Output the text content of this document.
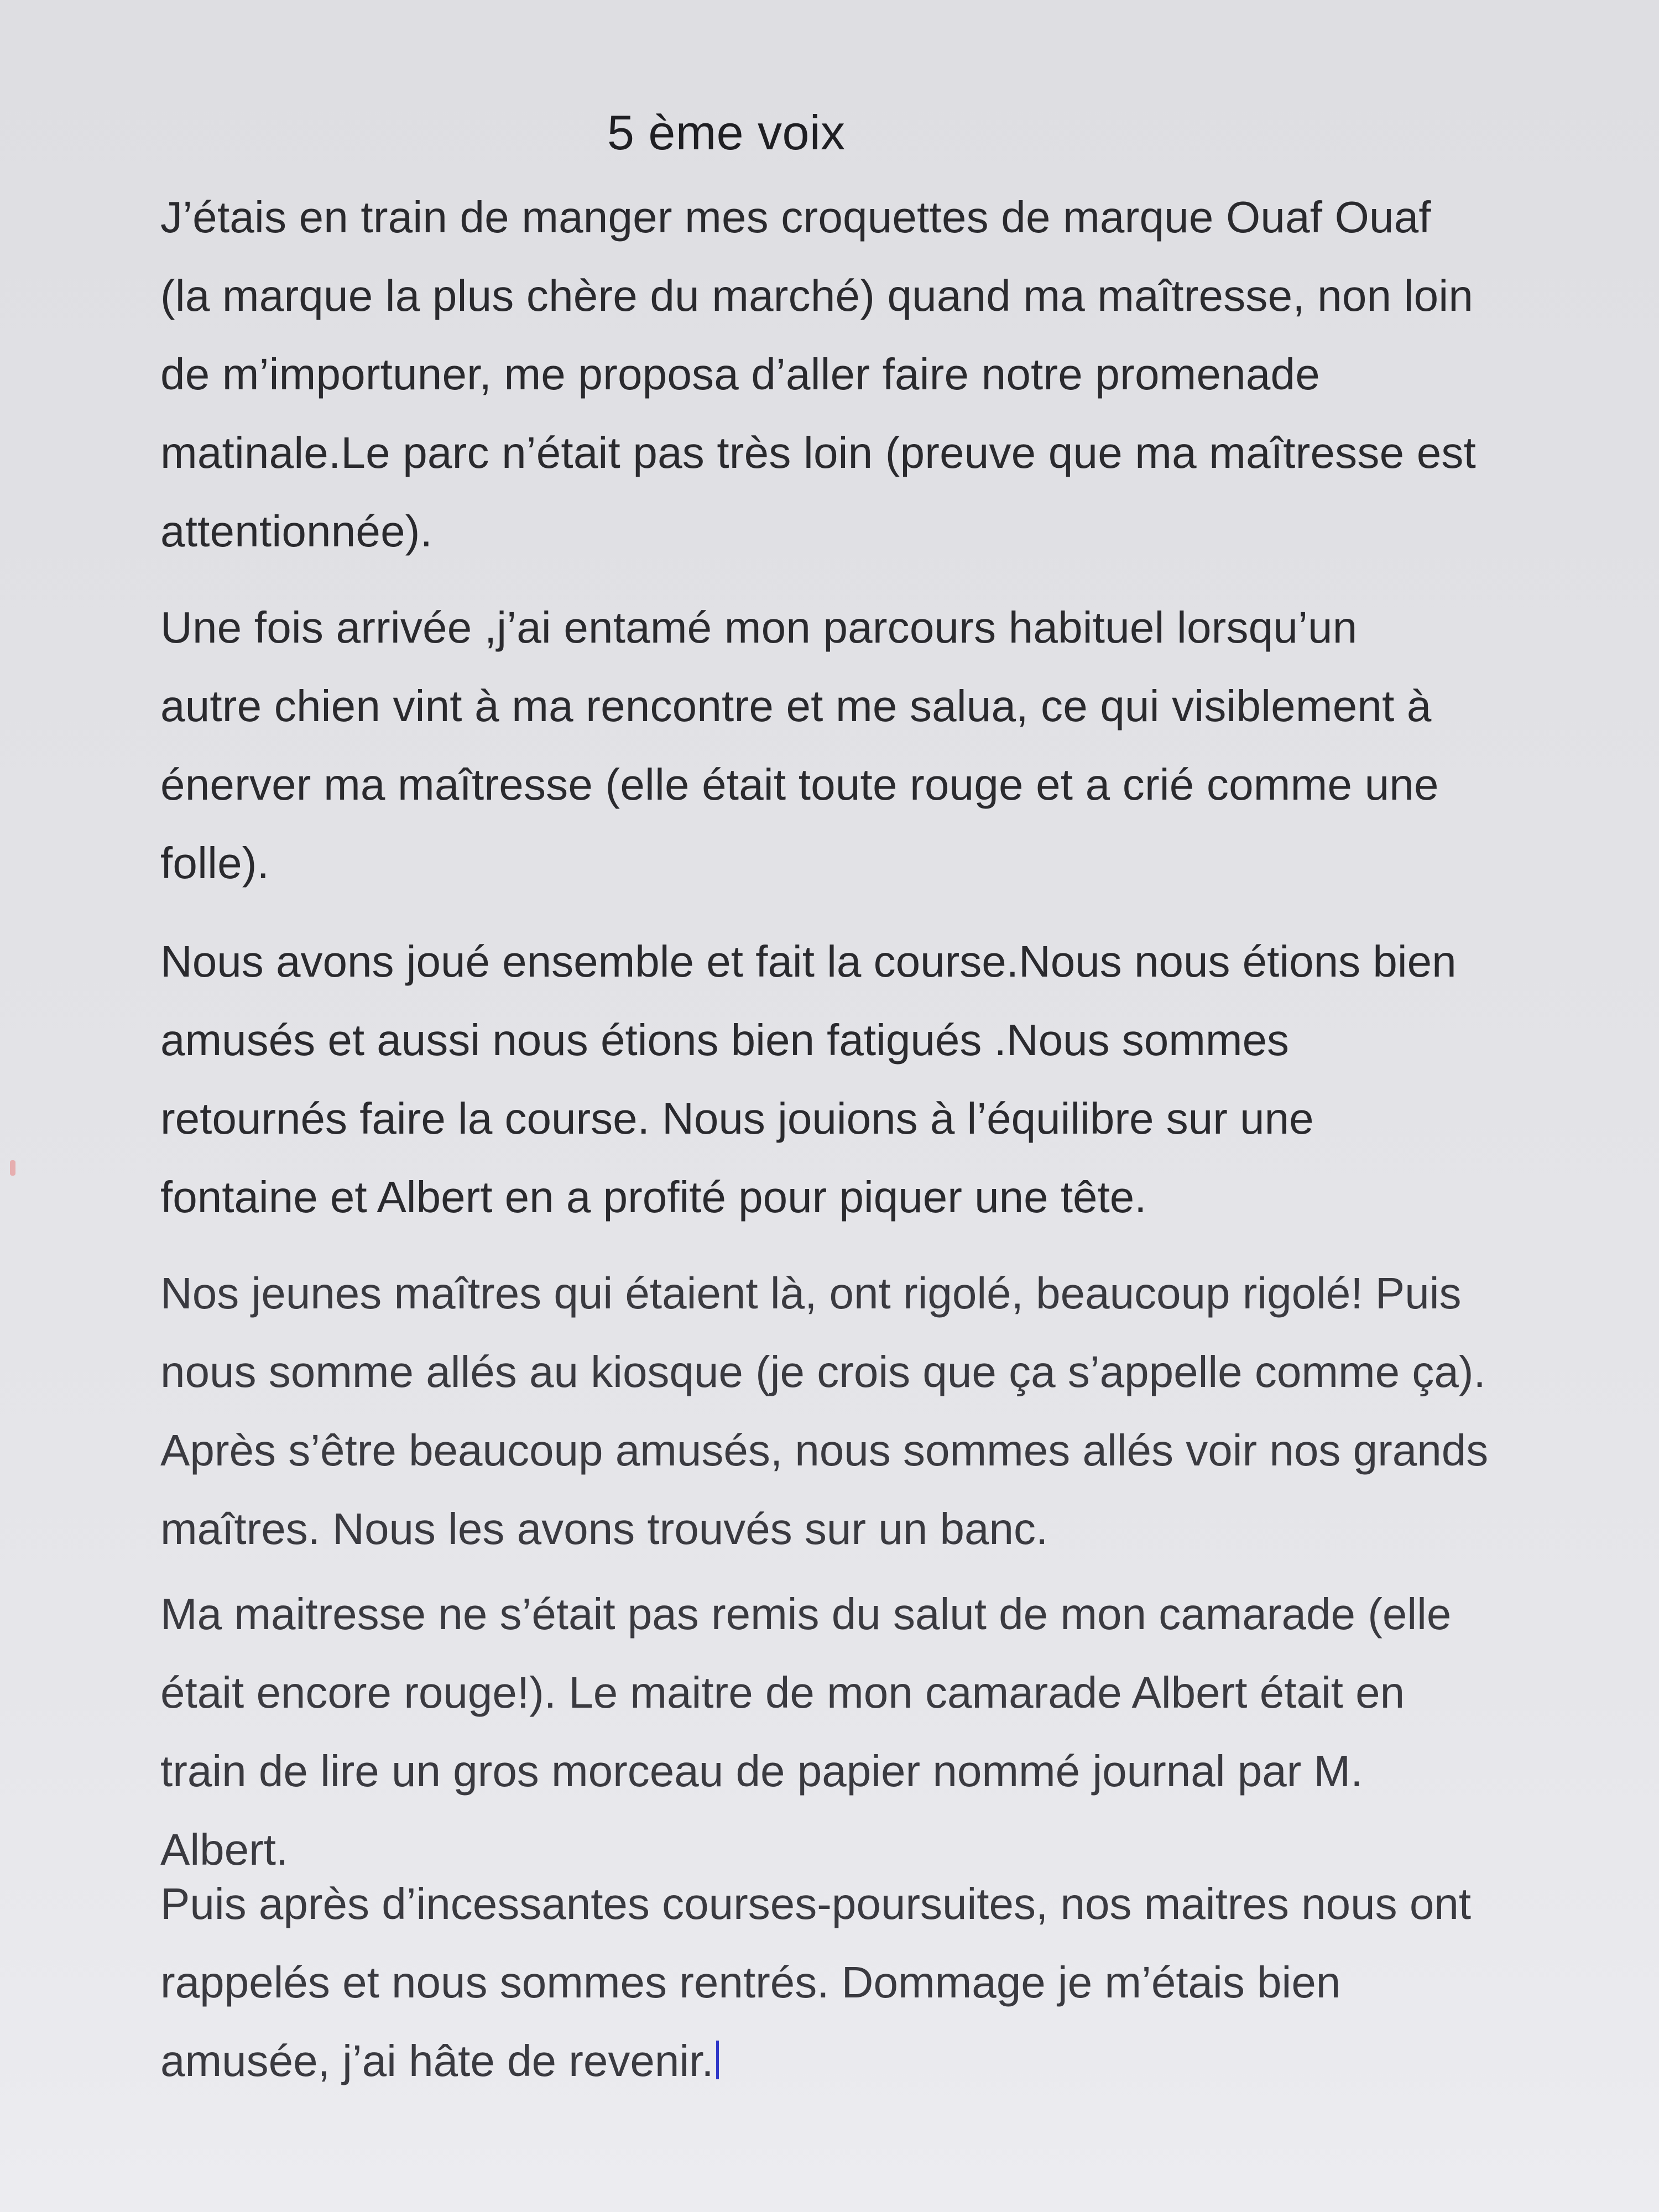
5 ème voix
J’étais en train de manger mes croquettes de marque Ouaf Ouaf
(la marque la plus chère du marché) quand ma maîtresse, non loin
de m’importuner, me proposa d’aller faire notre promenade
matinale.Le parc n’était pas très loin (preuve que ma maîtresse est
attentionnée).
Une fois arrivée ,j’ai entamé mon parcours habituel lorsqu’un
autre chien vint à ma rencontre et me salua, ce qui visiblement à
énerver ma maîtresse (elle était toute rouge et a crié comme une
folle).
Nous avons joué ensemble et fait la course.Nous nous étions bien
amusés et aussi nous étions bien fatigués .Nous sommes
retournés faire la course. Nous jouions à l’équilibre sur une
fontaine et Albert en a profité pour piquer une tête.
Nos jeunes maîtres qui étaient là, ont rigolé, beaucoup rigolé! Puis
nous somme allés au kiosque (je crois que ça s’appelle comme ça).
Après s’être beaucoup amusés, nous sommes allés voir nos grands
maîtres. Nous les avons trouvés sur un banc.
Ma maitresse ne s’était pas remis du salut de mon camarade (elle
était encore rouge!). Le maitre de mon camarade Albert était en
train de lire un gros morceau de papier nommé journal par M.
Albert.
Puis après d’incessantes courses-poursuites, nos maitres nous ont
rappelés et nous sommes rentrés. Dommage je m’étais bien
amusée, j’ai hâte de revenir.
